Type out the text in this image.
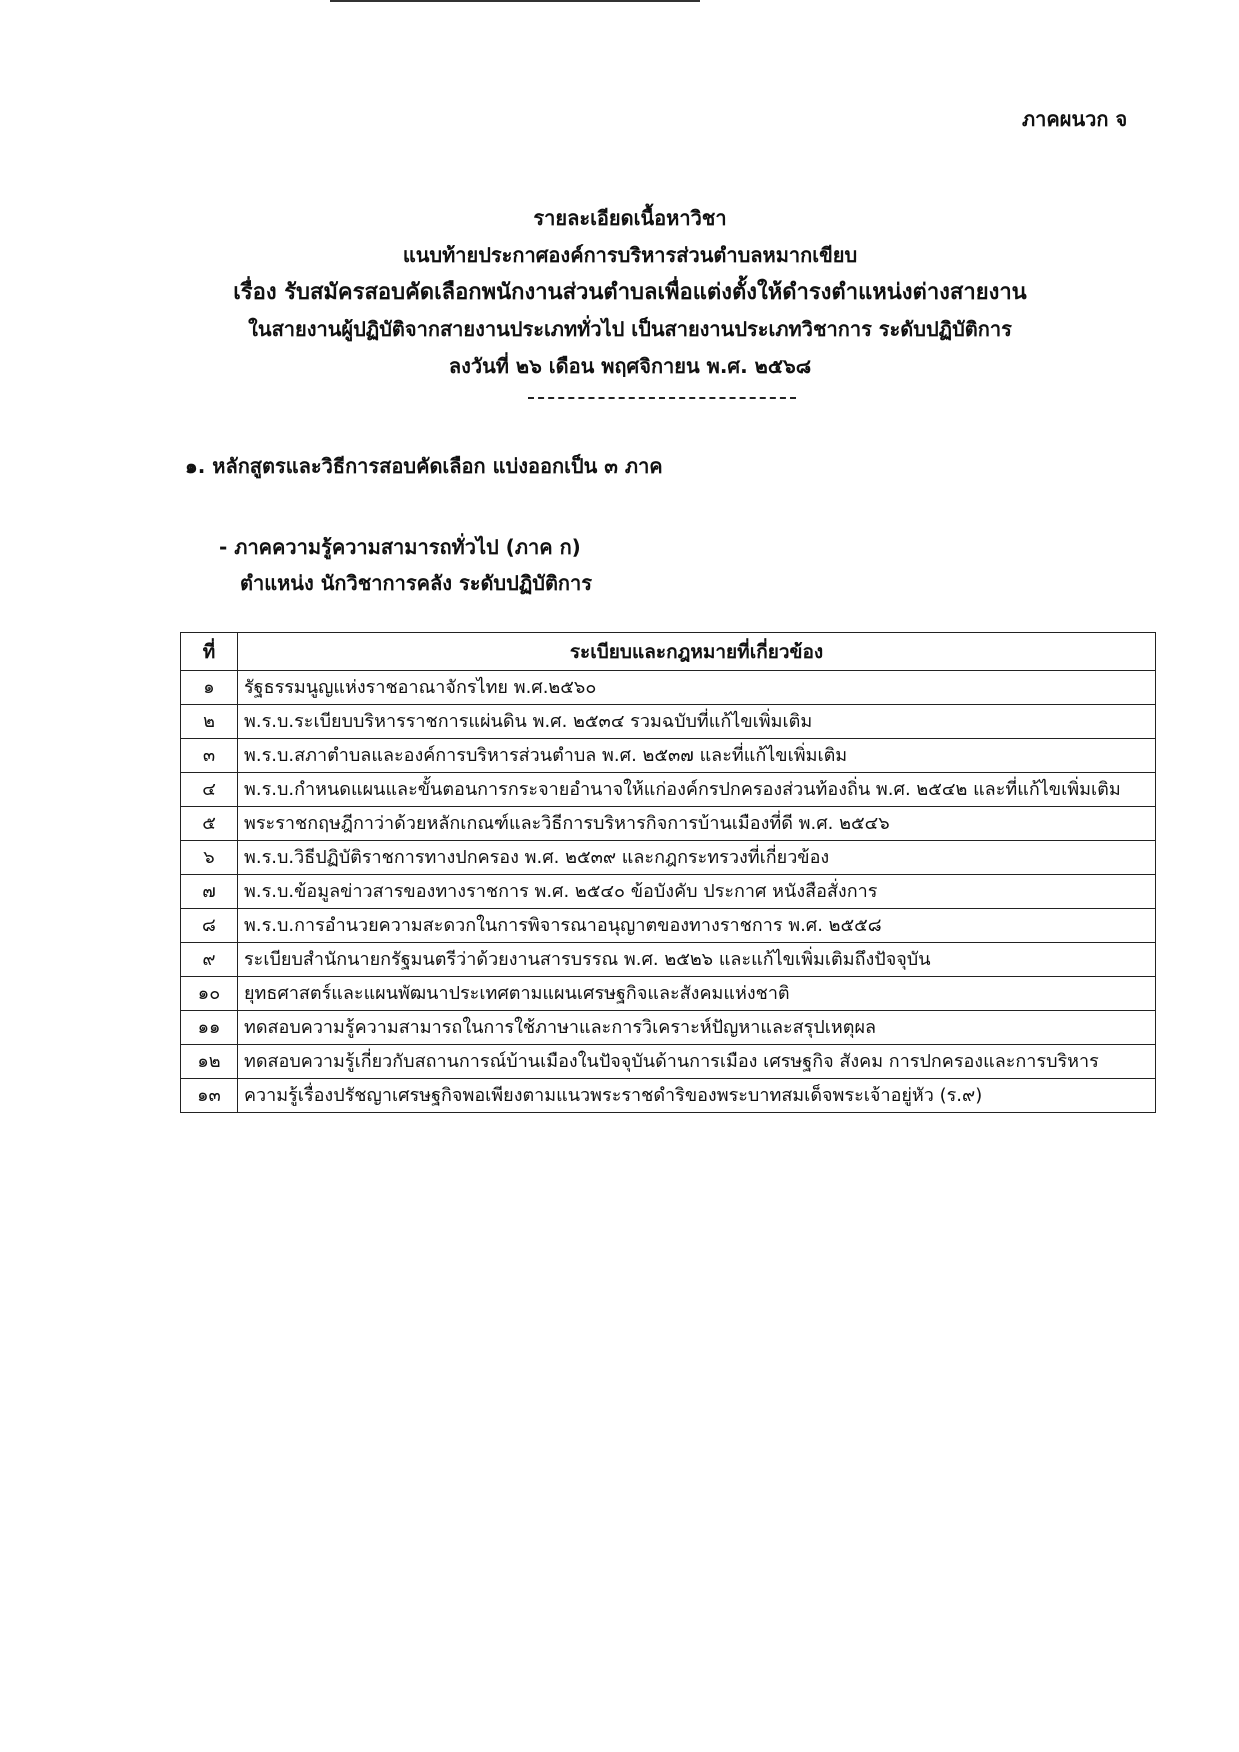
ภาคผนวก จ
รายละเอียดเนื้อหาวิชา
แนบท้ายประกาศองค์การบริหารส่วนตำบลหมากเขียบ
เรื่อง รับสมัครสอบคัดเลือกพนักงานส่วนตำบลเพื่อแต่งตั้งให้ดำรงตำแหน่งต่างสายงาน
ในสายงานผู้ปฏิบัติจากสายงานประเภททั่วไป เป็นสายงานประเภทวิชาการ ระดับปฏิบัติการ
ลงวันที่ ๒๖ เดือน พฤศจิกายน พ.ศ. ๒๕๖๘
๑. หลักสูตรและวิธีการสอบคัดเลือก แบ่งออกเป็น ๓ ภาค
- ภาคความรู้ความสามารถทั่วไป (ภาค ก)
ตำแหน่ง นักวิชาการคลัง ระดับปฏิบัติการ
ที่	ระเบียบและกฎหมายที่เกี่ยวข้อง
๑	รัฐธรรมนูญแห่งราชอาณาจักรไทย พ.ศ.๒๕๖๐
๒	พ.ร.บ.ระเบียบบริหารราชการแผ่นดิน พ.ศ. ๒๕๓๔ รวมฉบับที่แก้ไขเพิ่มเติม
๓	พ.ร.บ.สภาตำบลและองค์การบริหารส่วนตำบล พ.ศ. ๒๕๓๗ และที่แก้ไขเพิ่มเติม
๔	พ.ร.บ.กำหนดแผนและขั้นตอนการกระจายอำนาจให้แก่องค์กรปกครองส่วนท้องถิ่น พ.ศ. ๒๕๔๒ และที่แก้ไขเพิ่มเติม
๕	พระราชกฤษฎีกาว่าด้วยหลักเกณฑ์และวิธีการบริหารกิจการบ้านเมืองที่ดี พ.ศ. ๒๕๔๖
๖	พ.ร.บ.วิธีปฏิบัติราชการทางปกครอง พ.ศ. ๒๕๓๙ และกฎกระทรวงที่เกี่ยวข้อง
๗	พ.ร.บ.ข้อมูลข่าวสารของทางราชการ พ.ศ. ๒๕๔๐ ข้อบังคับ ประกาศ หนังสือสั่งการ
๘	พ.ร.บ.การอำนวยความสะดวกในการพิจารณาอนุญาตของทางราชการ พ.ศ. ๒๕๕๘
๙	ระเบียบสำนักนายกรัฐมนตรีว่าด้วยงานสารบรรณ พ.ศ. ๒๕๒๖ และแก้ไขเพิ่มเติมถึงปัจจุบัน
๑๐	ยุทธศาสตร์และแผนพัฒนาประเทศตามแผนเศรษฐกิจและสังคมแห่งชาติ
๑๑	ทดสอบความรู้ความสามารถในการใช้ภาษาและการวิเคราะห์ปัญหาและสรุปเหตุผล
๑๒	ทดสอบความรู้เกี่ยวกับสถานการณ์บ้านเมืองในปัจจุบันด้านการเมือง เศรษฐกิจ สังคม การปกครองและการบริหาร
๑๓	ความรู้เรื่องปรัชญาเศรษฐกิจพอเพียงตามแนวพระราชดำริของพระบาทสมเด็จพระเจ้าอยู่หัว (ร.๙)
